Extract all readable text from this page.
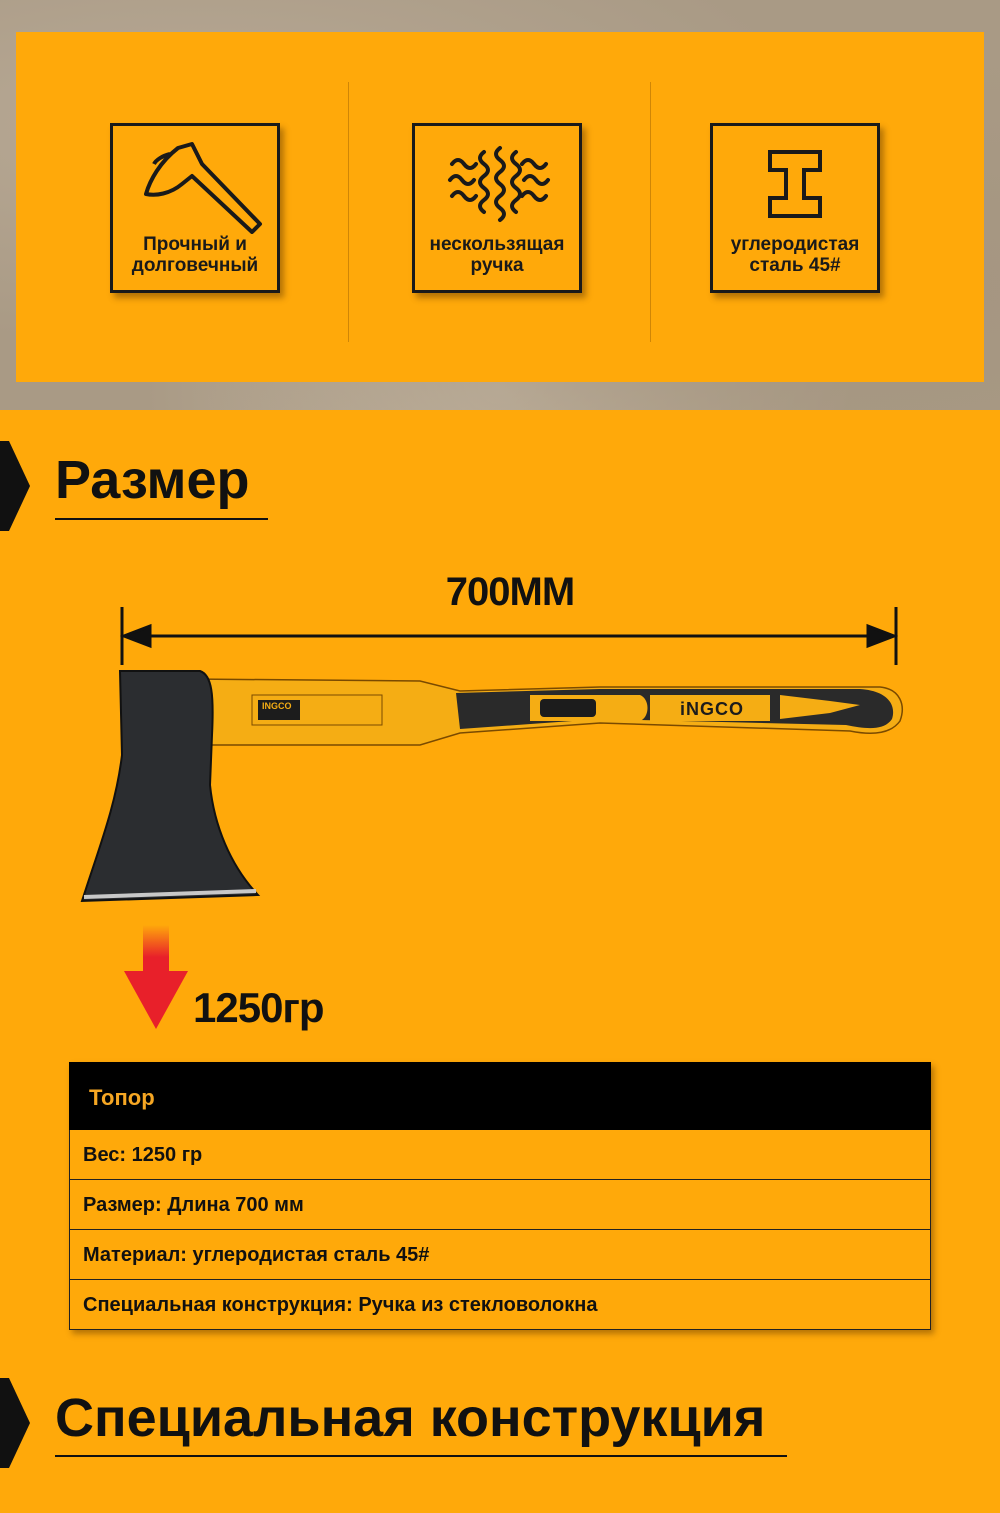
Прочный и
долговечный
нескользящая
ручка
углеродистая
сталь 45#
Размер
700MM
INGCO	iNGCO
1250гр
Топор
Вес: 1250 гр
Размер: Длина 700 мм
Материал: углеродистая сталь 45#
Специальная конструкция: Ручка из стекловолокна
Специальная конструкция
